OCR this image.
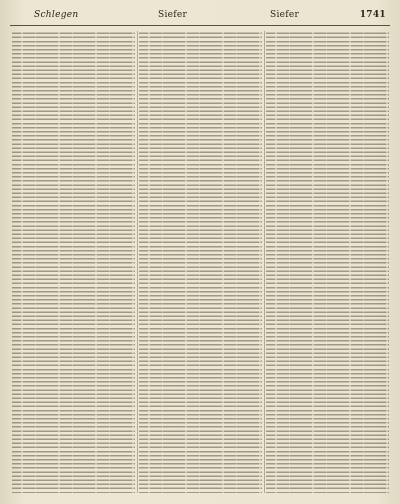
Schlegen	Siefer	Siefer	1741
